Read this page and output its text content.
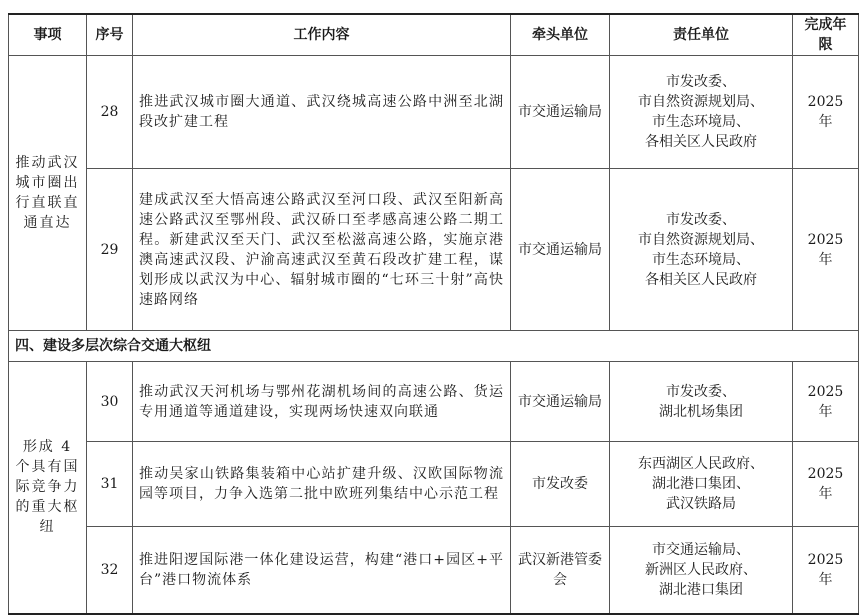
事项	序号	工作内容	牵头单位	责任单位	完成年限
推动武汉城市圈出行直联直通直达	28	推进武汉城市圈大通道、武汉绕城高速公路中洲至北湖段改扩建工程	市交通运输局	市发改委、
市自然资源规划局、
市生态环境局、
各相关区人民政府	2025 年
	29	建成武汉至大悟高速公路武汉至河口段、武汉至阳新高速公路武汉至鄂州段、武汉硚口至孝感高速公路二期工程。新建武汉至天门、武汉至松滋高速公路，实施京港澳高速武汉段、沪渝高速武汉至黄石段改扩建工程，谋划形成以武汉为中心、辐射城市圈的“七环三十射”高快速路网络	市交通运输局	市发改委、
市自然资源规划局、
市生态环境局、
各相关区人民政府	2025 年
四、建设多层次综合交通大枢纽					
形成 4 个具有国际竞争力的重大枢纽	30	推动武汉天河机场与鄂州花湖机场间的高速公路、货运专用通道等通道建设，实现两场快速双向联通	市交通运输局	市发改委、
湖北机场集团	2025 年
	31	推动吴家山铁路集装箱中心站扩建升级、汉欧国际物流园等项目，力争入选第二批中欧班列集结中心示范工程	市发改委	东西湖区人民政府、
湖北港口集团、
武汉铁路局	2025 年
	32	推进阳逻国际港一体化建设运营，构建“港口+园区+平台”港口物流体系	武汉新港管委会	市交通运输局、
新洲区人民政府、
湖北港口集团	2025 年
